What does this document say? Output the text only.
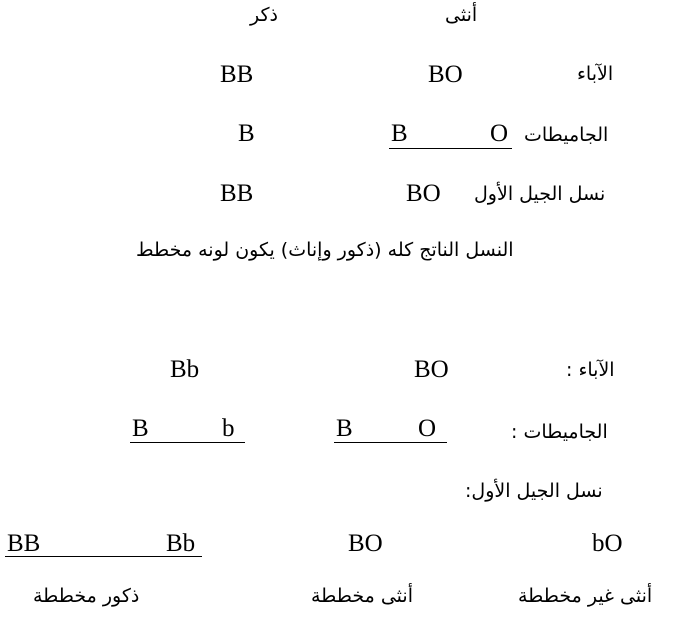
أنثى
ذكر
الآباء
BO
BB
الجاميطات
O
B
B
نسل الجيل الأول
BO
BB
النسل الناتج كله (ذكور وإناث) يكون لونه مخطط
الآباء :
BO
Bb
الجاميطات :
O
B
b
B
نسل الجيل الأول:
bO
BO
Bb
BB
أنثى غير مخططة
أنثى مخططة
ذكور مخططة
